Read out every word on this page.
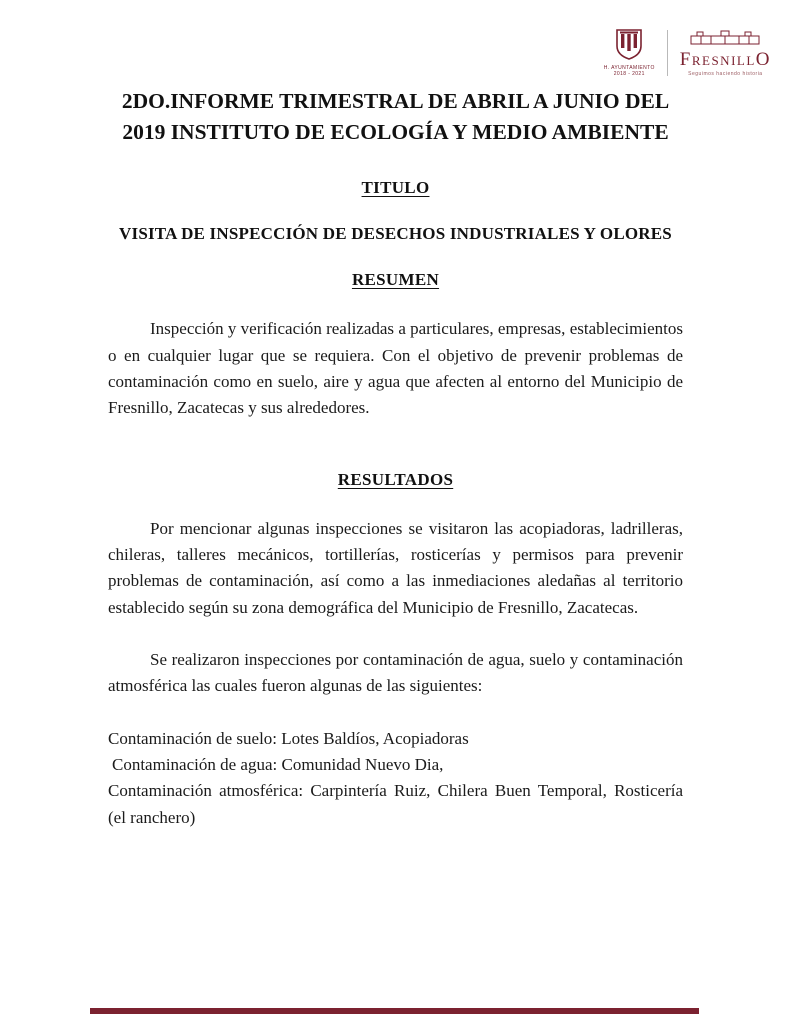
H. AYUNTAMIENTO
2018 - 2021
FresnillO
Seguimos haciendo historia
2DO.INFORME TRIMESTRAL DE ABRIL A JUNIO DEL 2019 INSTITUTO DE ECOLOGÍA Y MEDIO AMBIENTE
TITULO
VISITA DE INSPECCIÓN DE DESECHOS INDUSTRIALES Y OLORES
RESUMEN

Inspección y verificación realizadas a particulares, empresas, establecimientos o en cualquier lugar que se requiera. Con el objetivo de prevenir problemas de contaminación como en suelo, aire y agua que afecten al entorno del Municipio de Fresnillo, Zacatecas y sus alrededores.

RESULTADOS

Por mencionar algunas inspecciones se visitaron las acopiadoras, ladrilleras, chileras, talleres mecánicos, tortillerías, rosticerías y permisos para prevenir problemas de contaminación, así como a las inmediaciones aledañas al territorio establecido según su zona demográfica del Municipio de Fresnillo, Zacatecas.

Se realizaron inspecciones por contaminación de agua, suelo y contaminación atmosférica las cuales fueron algunas de las siguientes:

Contaminación de suelo: Lotes Baldíos, Acopiadoras

Contaminación de agua: Comunidad Nuevo Dia,

Contaminación atmosférica: Carpintería Ruiz, Chilera Buen Temporal, Rosticería (el ranchero)
